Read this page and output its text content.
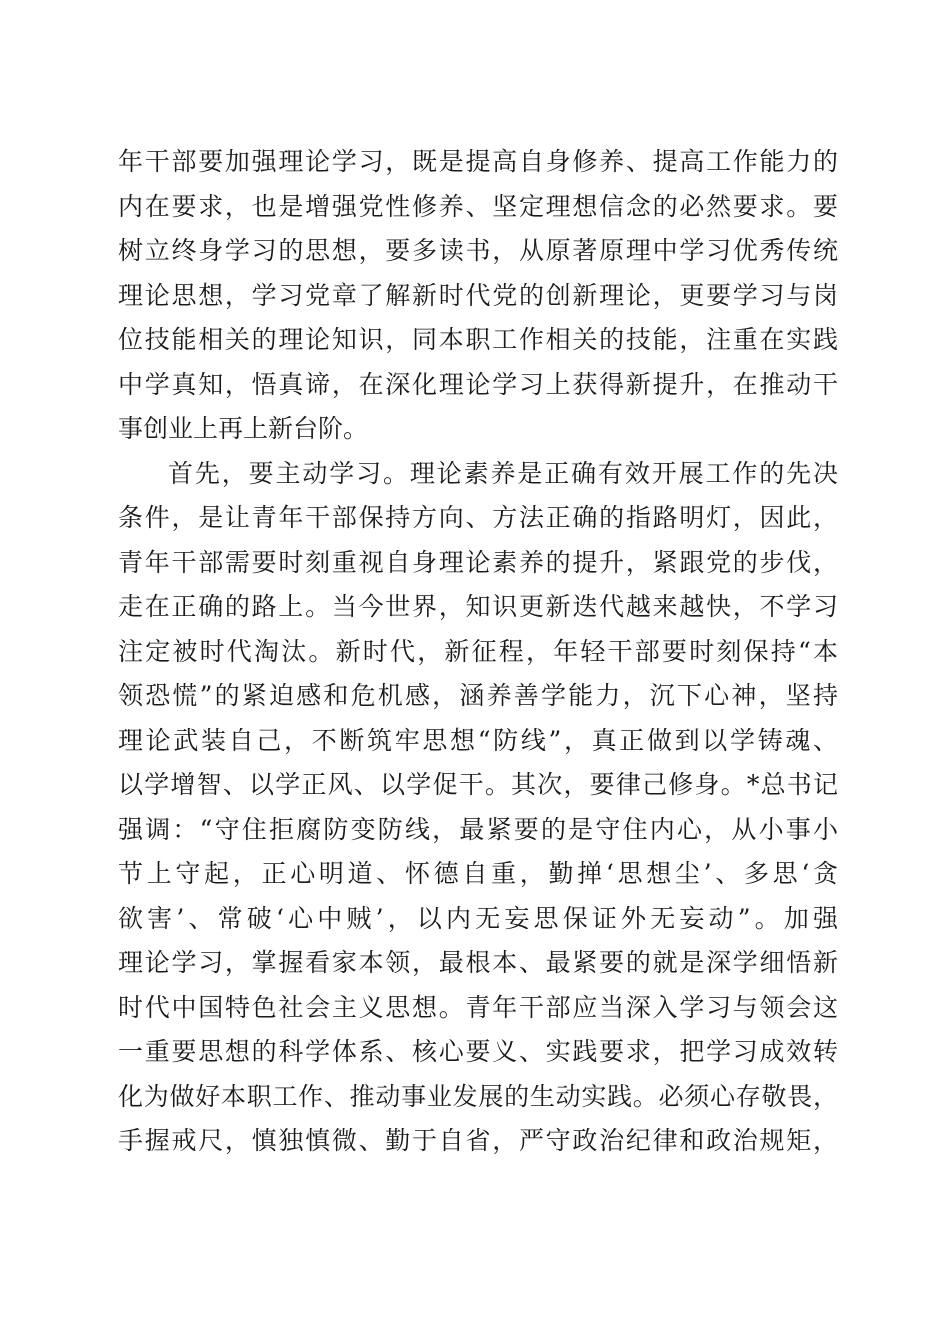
年干部要加强理论学习，既是提高自身修养、提高工作能力的
内在要求，也是增强党性修养、坚定理想信念的必然要求。要
树立终身学习的思想，要多读书，从原著原理中学习优秀传统
理论思想，学习党章了解新时代党的创新理论，更要学习与岗
位技能相关的理论知识，同本职工作相关的技能，注重在实践
中学真知，悟真谛，在深化理论学习上获得新提升，在推动干
事创业上再上新台阶。
首先，要主动学习。理论素养是正确有效开展工作的先决
条件，是让青年干部保持方向、方法正确的指路明灯，因此，
青年干部需要时刻重视自身理论素养的提升，紧跟党的步伐，
走在正确的路上。当今世界，知识更新迭代越来越快，不学习
注定被时代淘汰。新时代，新征程，年轻干部要时刻保持“本
领恐慌”的紧迫感和危机感，涵养善学能力，沉下心神，坚持
理论武装自己，不断筑牢思想“防线”，真正做到以学铸魂、
以学增智、以学正风、以学促干。其次，要律己修身。*总书记
强调：“守住拒腐防变防线，最紧要的是守住内心，从小事小
节上守起，正心明道、怀德自重，勤掸‘思想尘’、多思‘贪
欲害’、常破‘心中贼’，以内无妄思保证外无妄动”。加强
理论学习，掌握看家本领，最根本、最紧要的就是深学细悟新
时代中国特色社会主义思想。青年干部应当深入学习与领会这
一重要思想的科学体系、核心要义、实践要求，把学习成效转
化为做好本职工作、推动事业发展的生动实践。必须心存敬畏，
手握戒尺，慎独慎微、勤于自省，严守政治纪律和政治规矩，
